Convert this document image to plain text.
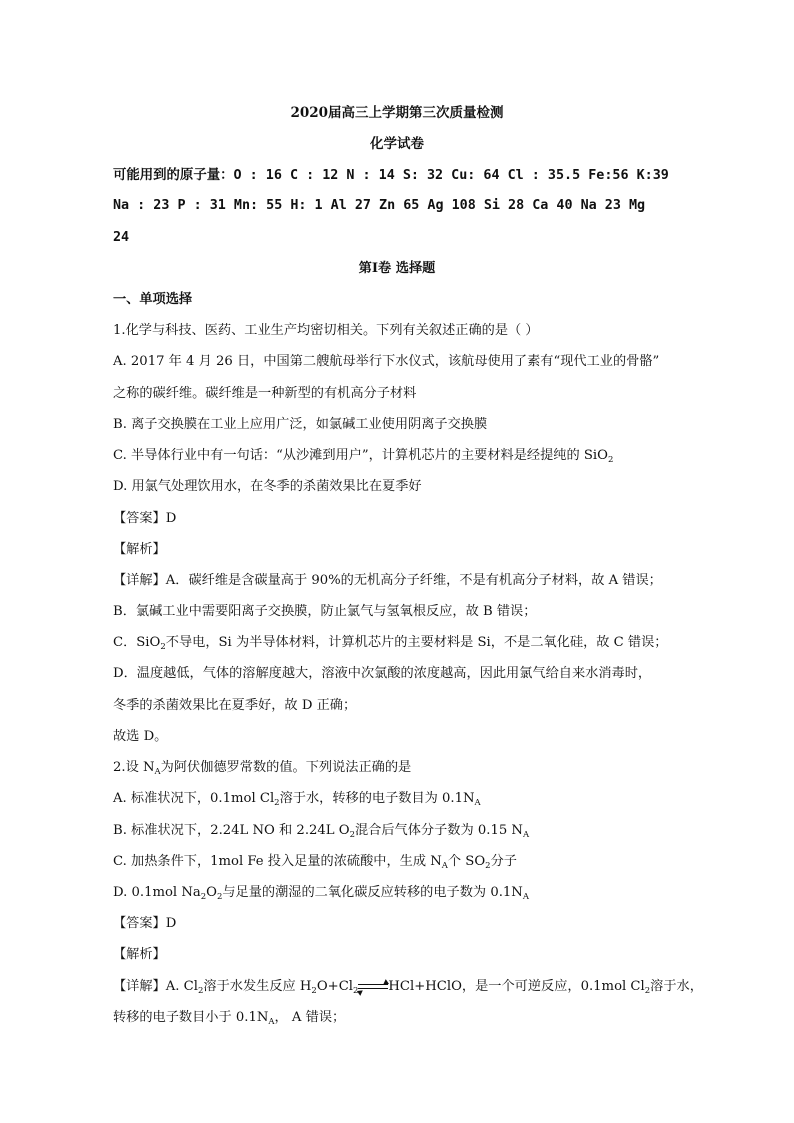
2020届高三上学期第三次质量检测
化学试卷
可能用到的原子量：O : 16 C : 12 N : 14 S: 32 Cu: 64 Cl : 35.5 Fe:56 K:39
Na : 23 P : 31 Mn: 55 H: 1 Al 27 Zn 65 Ag 108 Si 28 Ca 40 Na 23 Mg
24
第Ⅰ卷 选择题
一、单项选择
1.化学与科技、医药、工业生产均密切相关。下列有关叙述正确的是（ ）
A. 2017 年 4 月 26 日，中国第二艘航母举行下水仪式，该航母使用了素有“现代工业的骨骼”
之称的碳纤维。碳纤维是一种新型的有机高分子材料
B. 离子交换膜在工业上应用广泛，如氯碱工业使用阴离子交换膜
C. 半导体行业中有一句话：“从沙滩到用户”，计算机芯片的主要材料是经提纯的 SiO$_2$
D. 用氯气处理饮用水，在冬季的杀菌效果比在夏季好
【答案】D
【解析】
【详解】A．碳纤维是含碳量高于 90%的无机高分子纤维，不是有机高分子材料，故 A 错误；
B．氯碱工业中需要阳离子交换膜，防止氯气与氢氧根反应，故 B 错误；
C．SiO$_2$不导电，Si 为半导体材料，计算机芯片的主要材料是 Si，不是二氧化硅，故 C 错误；
D．温度越低，气体的溶解度越大，溶液中次氯酸的浓度越高，因此用氯气给自来水消毒时，
冬季的杀菌效果比在夏季好，故 D 正确；
故选 D。
2.设 $N_A$为阿伏伽德罗常数的值。下列说法正确的是
A. 标准状况下，0.1mol $Cl_2$溶于水，转移的电子数目为 $0.1N_A$
B. 标准状况下，2.24L NO 和 2.24L $O_2$混合后气体分子数为 0.15 $N_A$
C. 加热条件下，1mol Fe 投入足量的浓硫酸中，生成 $N_A$个 $SO_2$分子
D. 0.1mol $Na_2O_2$与足量的潮湿的二氧化碳反应转移的电子数为 $0.1N_A$
【答案】D
【解析】
【详解】A. $Cl_2$溶于水发生反应 $H_2O+Cl_2$ HCl+HClO，是一个可逆反应，0.1mol $Cl_2$溶于水，
转移的电子数目小于 $0.1N_A$， A 错误；
